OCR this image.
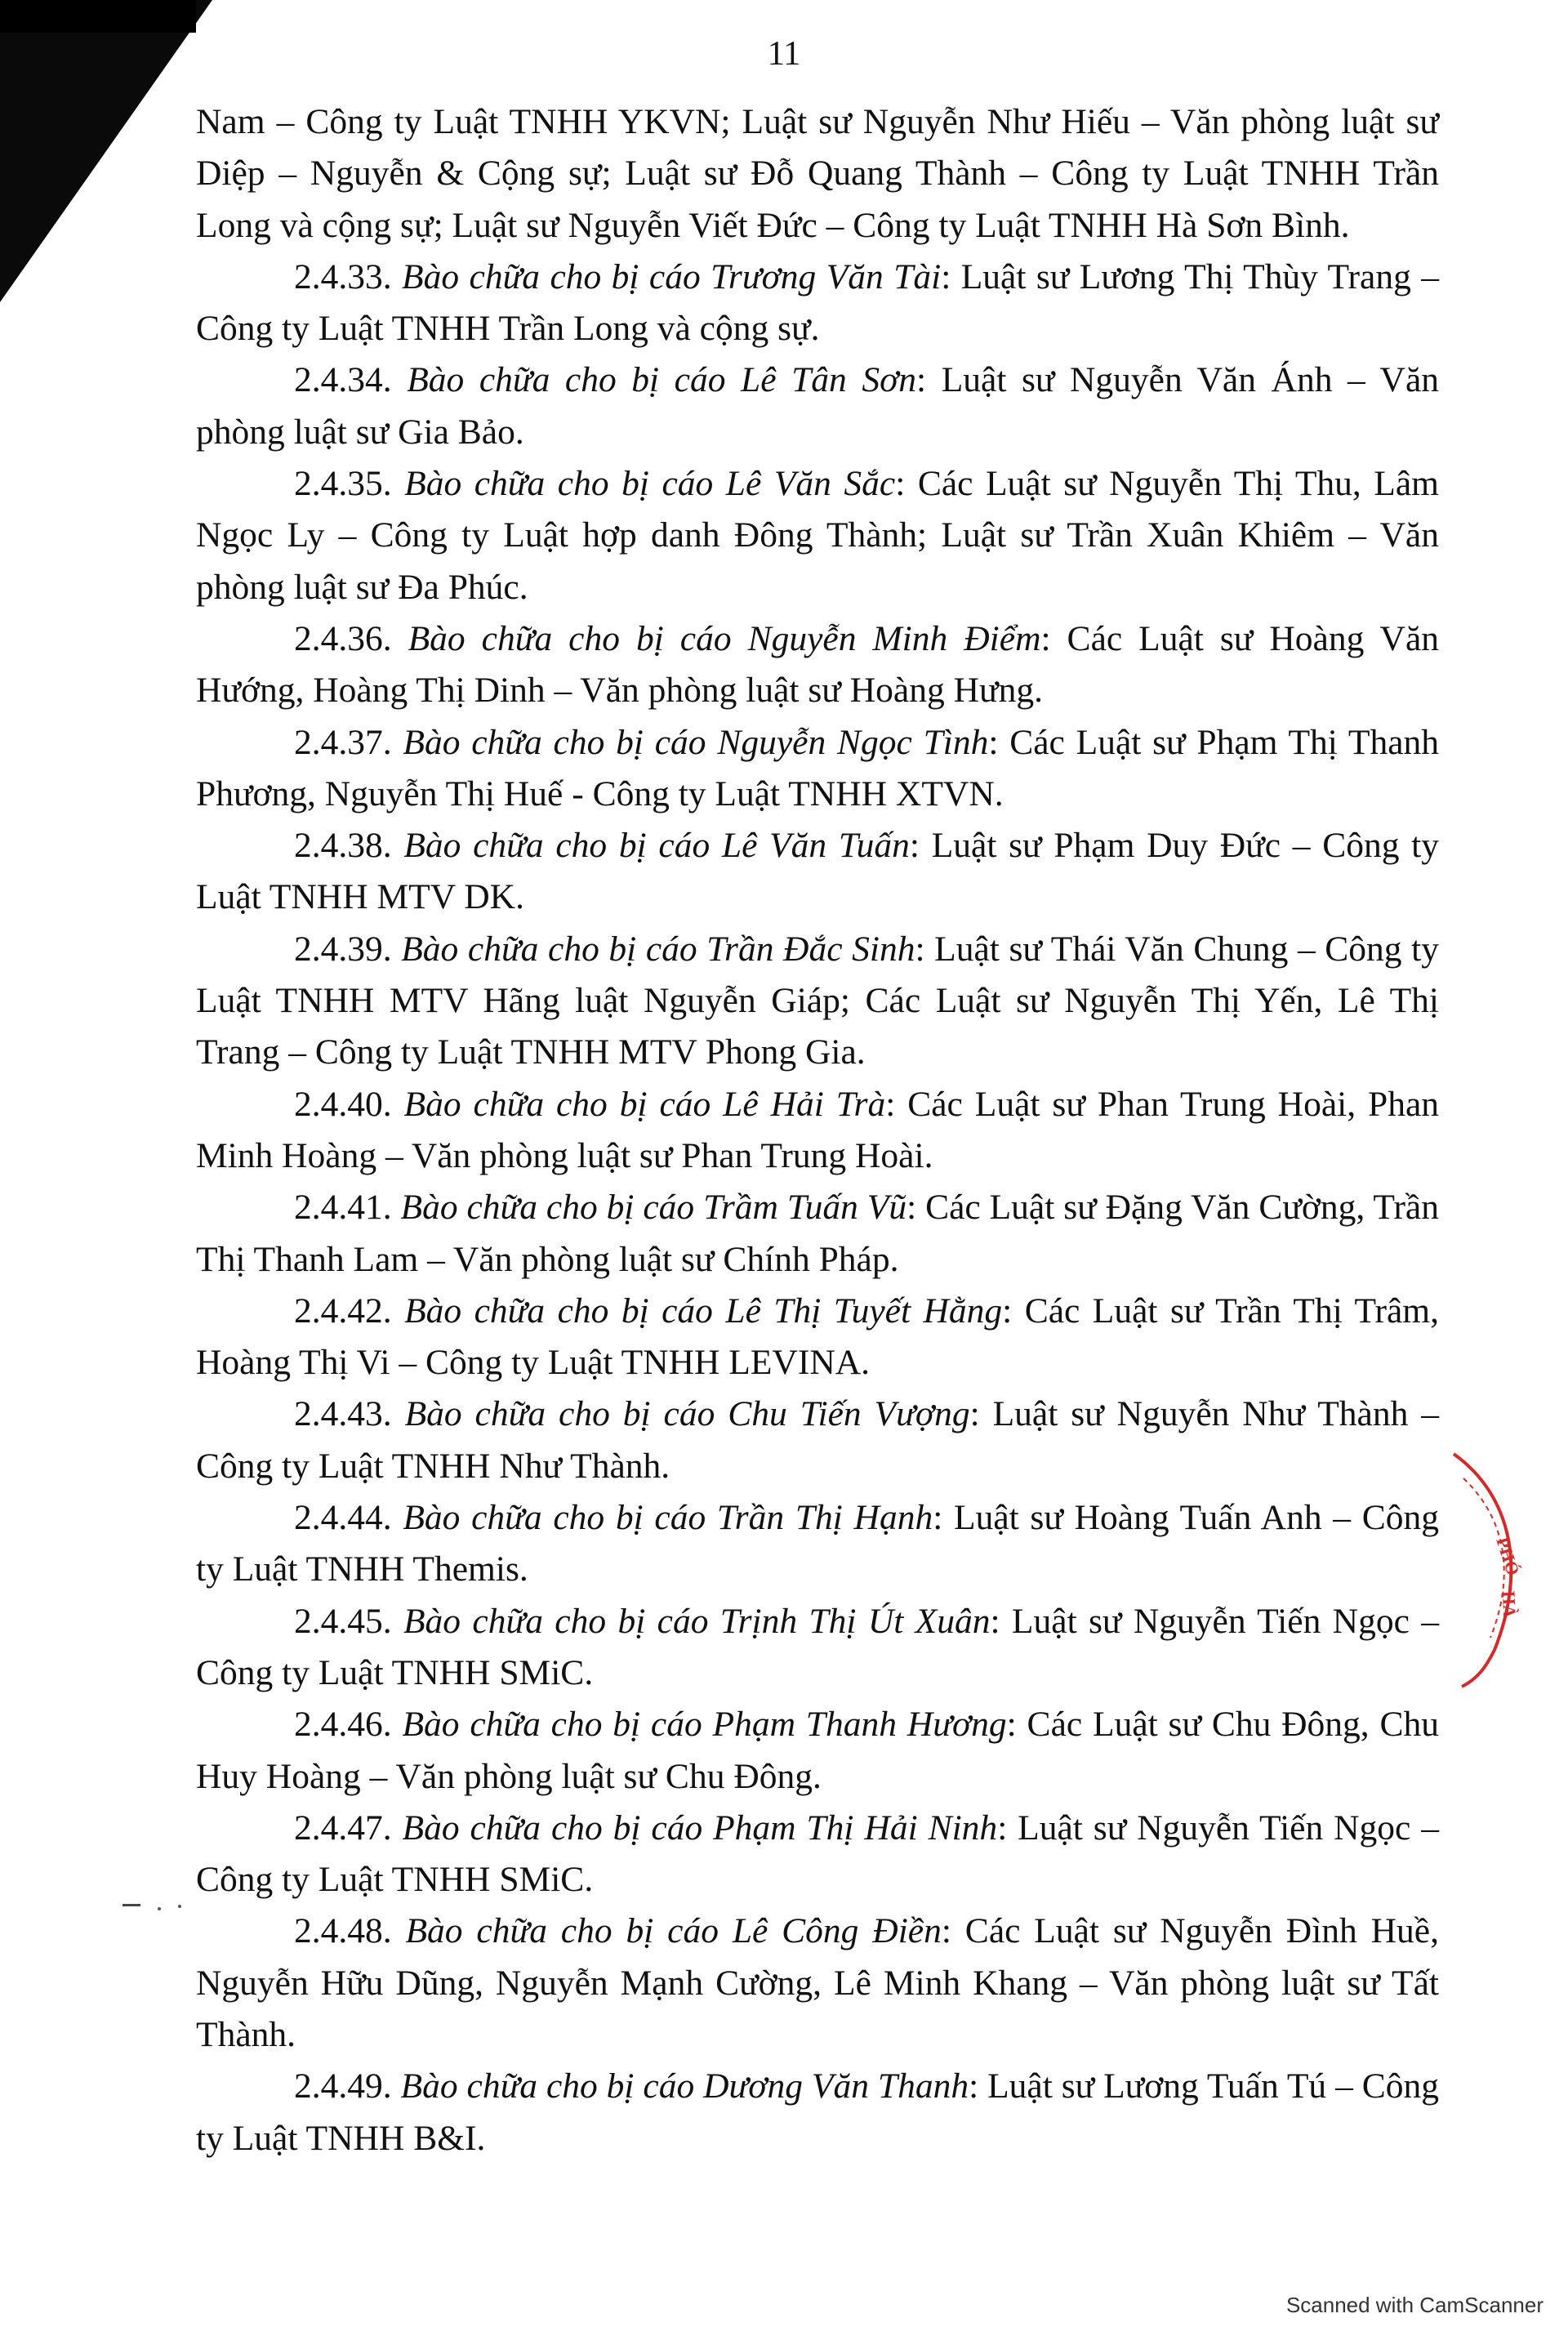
11

Nam – Công ty Luật TNHH YKVN; Luật sư Nguyễn Như Hiếu – Văn phòng luật sư Diệp – Nguyễn & Cộng sự; Luật sư Đỗ Quang Thành – Công ty Luật TNHH Trần Long và cộng sự; Luật sư Nguyễn Viết Đức – Công ty Luật TNHH Hà Sơn Bình.

2.4.33. Bào chữa cho bị cáo Trương Văn Tài: Luật sư Lương Thị Thùy Trang – Công ty Luật TNHH Trần Long và cộng sự.

2.4.34. Bào chữa cho bị cáo Lê Tân Sơn: Luật sư Nguyễn Văn Ánh – Văn phòng luật sư Gia Bảo.

2.4.35. Bào chữa cho bị cáo Lê Văn Sắc: Các Luật sư Nguyễn Thị Thu, Lâm Ngọc Ly – Công ty Luật hợp danh Đông Thành; Luật sư Trần Xuân Khiêm – Văn phòng luật sư Đa Phúc.

2.4.36. Bào chữa cho bị cáo Nguyễn Minh Điểm: Các Luật sư Hoàng Văn Hướng, Hoàng Thị Dinh – Văn phòng luật sư Hoàng Hưng.

2.4.37. Bào chữa cho bị cáo Nguyễn Ngọc Tình: Các Luật sư Phạm Thị Thanh Phương, Nguyễn Thị Huế - Công ty Luật TNHH XTVN.

2.4.38. Bào chữa cho bị cáo Lê Văn Tuấn: Luật sư Phạm Duy Đức – Công ty Luật TNHH MTV DK.

2.4.39. Bào chữa cho bị cáo Trần Đắc Sinh: Luật sư Thái Văn Chung – Công ty Luật TNHH MTV Hãng luật Nguyễn Giáp; Các Luật sư Nguyễn Thị Yến, Lê Thị Trang – Công ty Luật TNHH MTV Phong Gia.

2.4.40. Bào chữa cho bị cáo Lê Hải Trà: Các Luật sư Phan Trung Hoài, Phan Minh Hoàng – Văn phòng luật sư Phan Trung Hoài.

2.4.41. Bào chữa cho bị cáo Trầm Tuấn Vũ: Các Luật sư Đặng Văn Cường, Trần Thị Thanh Lam – Văn phòng luật sư Chính Pháp.

2.4.42. Bào chữa cho bị cáo Lê Thị Tuyết Hằng: Các Luật sư Trần Thị Trâm, Hoàng Thị Vi – Công ty Luật TNHH LEVINA.

2.4.43. Bào chữa cho bị cáo Chu Tiến Vượng: Luật sư Nguyễn Như Thành – Công ty Luật TNHH Như Thành.

2.4.44. Bào chữa cho bị cáo Trần Thị Hạnh: Luật sư Hoàng Tuấn Anh – Công ty Luật TNHH Themis.

2.4.45. Bào chữa cho bị cáo Trịnh Thị Út Xuân: Luật sư Nguyễn Tiến Ngọc – Công ty Luật TNHH SMiC.

2.4.46. Bào chữa cho bị cáo Phạm Thanh Hương: Các Luật sư Chu Đông, Chu Huy Hoàng – Văn phòng luật sư Chu Đông.

2.4.47. Bào chữa cho bị cáo Phạm Thị Hải Ninh: Luật sư Nguyễn Tiến Ngọc – Công ty Luật TNHH SMiC.

2.4.48. Bào chữa cho bị cáo Lê Công Điền: Các Luật sư Nguyễn Đình Huề, Nguyễn Hữu Dũng, Nguyễn Mạnh Cường, Lê Minh Khang – Văn phòng luật sư Tất Thành.

2.4.49. Bào chữa cho bị cáo Dương Văn Thanh: Luật sư Lương Tuấn Tú – Công ty Luật TNHH B&I.

PHÓ
HÀ
Scanned with CamScanner
